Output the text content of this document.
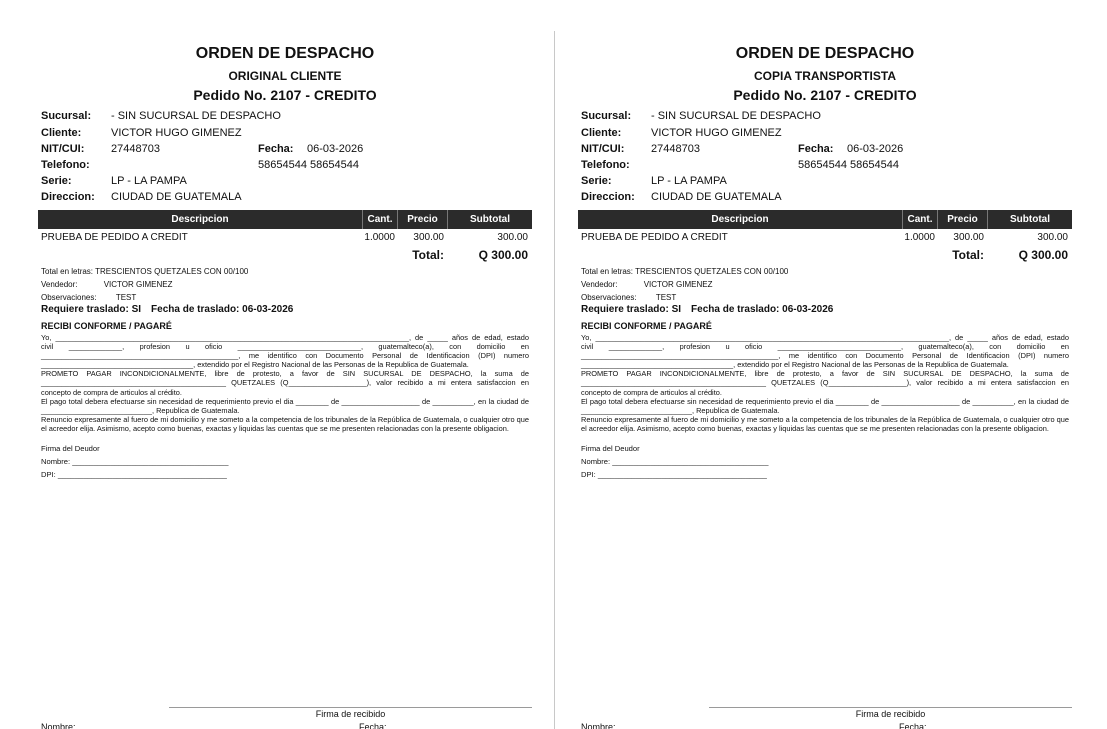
ORDEN DE DESPACHO
ORIGINAL CLIENTE
Pedido No. 2107 - CREDITO
Sucursal: - SIN SUCURSAL DE DESPACHO
Cliente:	VICTOR HUGO GIMENEZ
NIT/CUI: 27448703	Fecha: 06-03-2026
Telefono:	58654544 58654544
Serie:	LP - LA PAMPA
Direccion: CIUDAD DE GUATEMALA
Descripcion	Cant.	Precio	Subtotal
PRUEBA DE PEDIDO A CREDIT	1.0000	300.00	300.00
Total:	Q 300.00
Total en letras: TRESCIENTOS QUETZALES CON 00/100
Vendedor:	VICTOR GIMENEZ
Observaciones: TEST
Requiere traslado: SI Fecha de traslado: 06-03-2026
RECIBI CONFORME / PAGARÉ

Yo, ______________________________________________________________________________________, de _____ años de edad, estado civil _____________, profesion u oficio ______________________________, guatemalteco(a), con domicilio en ________________________________________________, me identifico con Documento Personal de Identificacion (DPI) numero _____________________________________, extendido por el Registro Nacional de las Personas de la Republica de Guatemala.

PROMETO PAGAR INCONDICIONALMENTE, libre de protesto, a favor de SIN SUCURSAL DE DESPACHO, la suma de _____________________________________________ QUETZALES (Q___________________), valor recibido a mi entera satisfaccion en concepto de compra de articulos al crédito.

El pago total debera efectuarse sin necesidad de requerimiento previo el dia ________ de ___________________ de __________, en la ciudad de ___________________________, Republica de Guatemala.

Renuncio expresamente al fuero de mi domicilio y me someto a la competencia de los tribunales de la República de Guatemala, o cualquier otro que el acreedor elija. Asimismo, acepto como buenas, exactas y liquidas las cuentas que se me presenten relacionadas con la presente obligacion.

Firma del Deudor
Nombre: _____________________________________
DPI: ________________________________________
Firma de recibido
Nombre:	Fecha:
ORDEN DE DESPACHO
COPIA TRANSPORTISTA
Pedido No. 2107 - CREDITO
Sucursal: - SIN SUCURSAL DE DESPACHO
Cliente:	VICTOR HUGO GIMENEZ
NIT/CUI: 27448703	Fecha: 06-03-2026
Telefono:	58654544 58654544
Serie:	LP - LA PAMPA
Direccion: CIUDAD DE GUATEMALA
Descripcion	Cant.	Precio	Subtotal
PRUEBA DE PEDIDO A CREDIT	1.0000	300.00	300.00
Total:	Q 300.00
Total en letras: TRESCIENTOS QUETZALES CON 00/100
Vendedor:	VICTOR GIMENEZ
Observaciones: TEST
Requiere traslado: SI Fecha de traslado: 06-03-2026
RECIBI CONFORME / PAGARÉ

Yo, ______________________________________________________________________________________, de _____ años de edad, estado civil _____________, profesion u oficio ______________________________, guatemalteco(a), con domicilio en ________________________________________________, me identifico con Documento Personal de Identificacion (DPI) numero _____________________________________, extendido por el Registro Nacional de las Personas de la Republica de Guatemala.

PROMETO PAGAR INCONDICIONALMENTE, libre de protesto, a favor de SIN SUCURSAL DE DESPACHO, la suma de _____________________________________________ QUETZALES (Q___________________), valor recibido a mi entera satisfaccion en concepto de compra de articulos al crédito.

El pago total debera efectuarse sin necesidad de requerimiento previo el dia ________ de ___________________ de __________, en la ciudad de ___________________________, Republica de Guatemala.

Renuncio expresamente al fuero de mi domicilio y me someto a la competencia de los tribunales de la República de Guatemala, o cualquier otro que el acreedor elija. Asimismo, acepto como buenas, exactas y liquidas las cuentas que se me presenten relacionadas con la presente obligacion.

Firma del Deudor
Nombre: _____________________________________
DPI: ________________________________________
Firma de recibido
Nombre:	Fecha:
